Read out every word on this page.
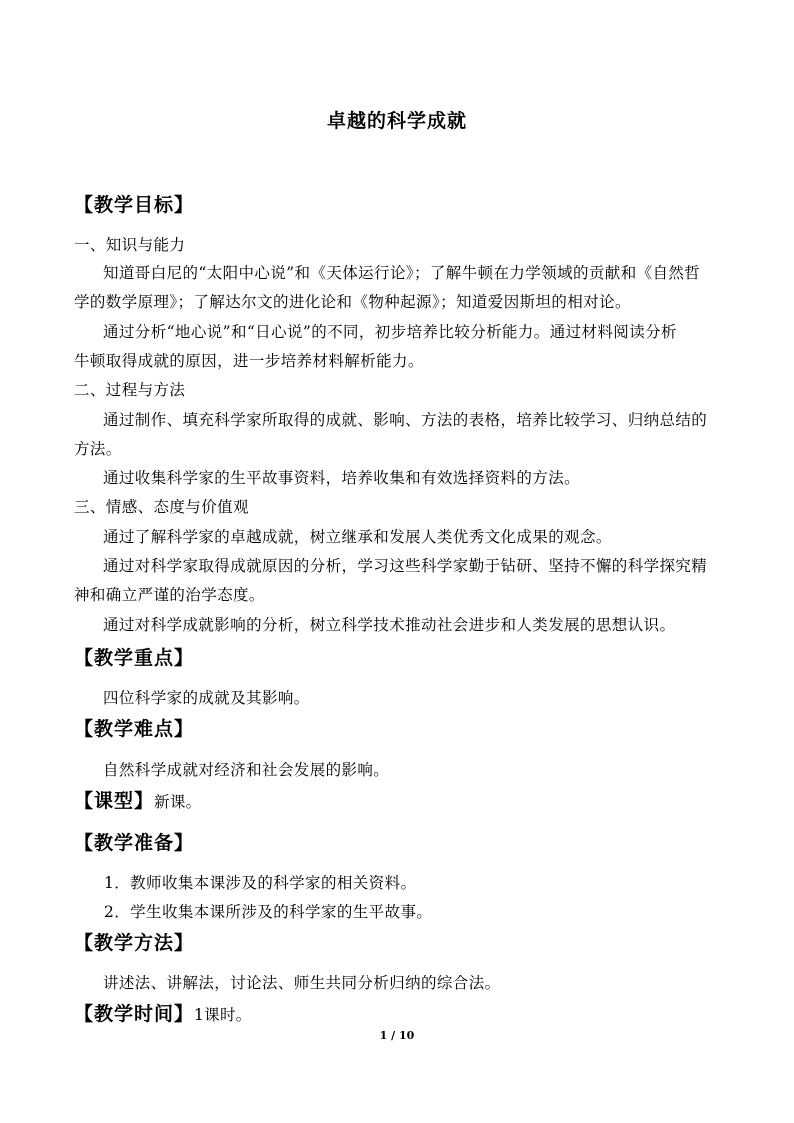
卓越的科学成就
【教学目标】
一、知识与能力
知道哥白尼的“太阳中心说”和《天体运行论》；了解牛顿在力学领域的贡献和《自然哲
学的数学原理》；了解达尔文的进化论和《物种起源》；知道爱因斯坦的相对论。
通过分析“地心说”和“日心说”的不同，初步培养比较分析能力。通过材料阅读分析
牛顿取得成就的原因，进一步培养材料解析能力。
二、过程与方法
通过制作、填充科学家所取得的成就、影响、方法的表格，培养比较学习、归纳总结的
方法。
通过收集科学家的生平故事资料，培养收集和有效选择资料的方法。
三、情感、态度与价值观
通过了解科学家的卓越成就，树立继承和发展人类优秀文化成果的观念。
通过对科学家取得成就原因的分析，学习这些科学家勤于钻研、坚持不懈的科学探究精
神和确立严谨的治学态度。
通过对科学成就影响的分析，树立科学技术推动社会进步和人类发展的思想认识。
【教学重点】
四位科学家的成就及其影响。
【教学难点】
自然科学成就对经济和社会发展的影响。
【课型】新课。
【教学准备】
1．教师收集本课涉及的科学家的相关资料。
2．学生收集本课所涉及的科学家的生平故事。
【教学方法】
讲述法、讲解法，讨论法、师生共同分析归纳的综合法。
【教学时间】1课时。
1 / 10
